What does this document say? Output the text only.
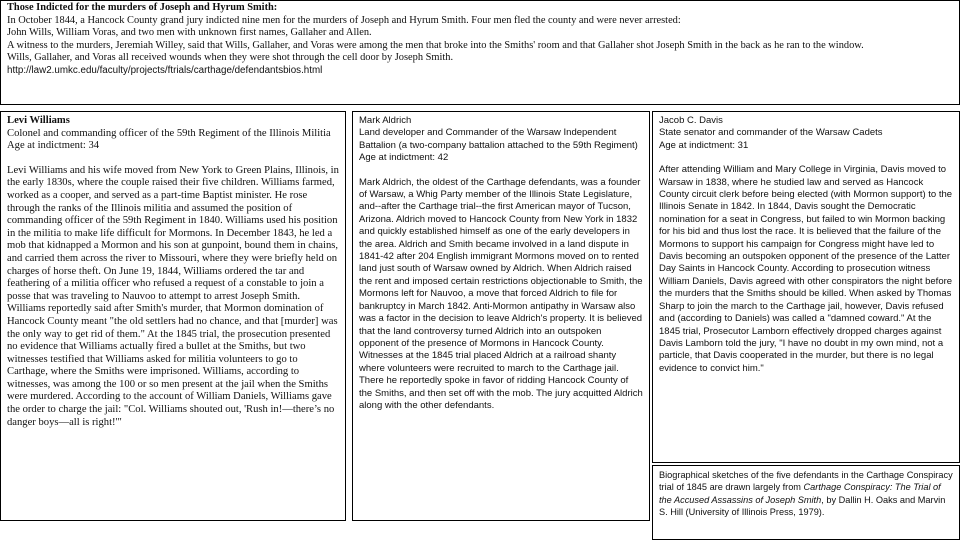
Those Indicted for the murders of Joseph and Hyrum Smith:
In October 1844, a Hancock County grand jury indicted nine men for the murders of Joseph and Hyrum Smith. Four men fled the county and were never arrested:
John Wills, William Voras, and two men with unknown first names, Gallaher and Allen.
A witness to the murders, Jeremiah Willey, said that Wills, Gallaher, and Voras were among the men that broke into the Smiths' room and that Gallaher shot Joseph Smith in the back as he ran to the window.
Wills, Gallaher, and Voras all received wounds when they were shot through the cell door by Joseph Smith.
http://law2.umkc.edu/faculty/projects/ftrials/carthage/defendantsbios.html

Levi Williams

Colonel and commanding officer of the 59th Regiment of the Illinois Militia

Age at indictment: 34

Levi Williams and his wife moved from New York to Green Plains, Illinois, in the early 1830s, where the couple raised their five children. Williams farmed, worked as a cooper, and served as a part-time Baptist minister. He rose through the ranks of the Illinois militia and assumed the position of commanding officer of the 59th Regiment in 1840. Williams used his position in the militia to make life difficult for Mormons. In December 1843, he led a mob that kidnapped a Mormon and his son at gunpoint, bound them in chains, and carried them across the river to Missouri, where they were briefly held on charges of horse theft. On June 19, 1844, Williams ordered the tar and feathering of a militia officer who refused a request of a constable to join a posse that was traveling to Nauvoo to attempt to arrest Joseph Smith. Williams reportedly said after Smith's murder, that Mormon domination of Hancock County meant "the old settlers had no chance, and that [murder] was the only way to get rid of them." At the 1845 trial, the prosecution presented no evidence that Williams actually fired a bullet at the Smiths, but two witnesses testified that Williams asked for militia volunteers to go to Carthage, where the Smiths were imprisoned. Williams, according to witnesses, was among the 100 or so men present at the jail when the Smiths were murdered. According to the account of William Daniels, Williams gave the order to charge the jail: "Col. Williams shouted out, 'Rush in!—there’s no danger boys—all is right!'"

Mark Aldrich

Land developer and Commander of the Warsaw Independent Battalion (a two-company battalion attached to the 59th Regiment)

Age at indictment: 42

Mark Aldrich, the oldest of the Carthage defendants, was a founder of Warsaw, a Whig Party member of the Illinois State Legislature, and--after the Carthage trial--the first American mayor of Tucson, Arizona. Aldrich moved to Hancock County from New York in 1832 and quickly established himself as one of the early developers in the area. Aldrich and Smith became involved in a land dispute in 1841-42 after 204 English immigrant Mormons moved on to rented land just south of Warsaw owned by Aldrich. When Aldrich raised the rent and imposed certain restrictions objectionable to Smith, the Mormons left for Nauvoo, a move that forced Aldrich to file for bankruptcy in March 1842. Anti-Mormon antipathy in Warsaw also was a factor in the decision to leave Aldrich's property. It is believed that the land controversy turned Aldrich into an outspoken opponent of the presence of Mormons in Hancock County. Witnesses at the 1845 trial placed Aldrich at a railroad shanty where volunteers were recruited to march to the Carthage jail. There he reportedly spoke in favor of ridding Hancock County of the Smiths, and then set off with the mob. The jury acquitted Aldrich along with the other defendants.

Jacob C. Davis

State senator and commander of the Warsaw Cadets

Age at indictment: 31

After attending William and Mary College in Virginia, Davis moved to Warsaw in 1838, where he studied law and served as Hancock County circuit clerk before being elected (with Mormon support) to the Illinois Senate in 1842. In 1844, Davis sought the Democratic nomination for a seat in Congress, but failed to win Mormon backing for his bid and thus lost the race. It is believed that the failure of the Mormons to support his campaign for Congress might have led to Davis becoming an outspoken opponent of the presence of the Latter Day Saints in Hancock County. According to prosecution witness William Daniels, Davis agreed with other conspirators the night before the murders that the Smiths should be killed. When asked by Thomas Sharp to join the march to the Carthage jail, however, Davis refused and (according to Daniels) was called a "damned coward." At the 1845 trial, Prosecutor Lamborn effectively dropped charges against Davis Lamborn told the jury, "I have no doubt in my own mind, not a particle, that Davis cooperated in the murder, but there is no legal evidence to convict him."

Biographical sketches of the five defendants in the Carthage Conspiracy trial of 1845 are drawn largely from Carthage Conspiracy: The Trial of the Accused Assassins of Joseph Smith, by Dallin H. Oaks and Marvin S. Hill (University of Illinois Press, 1979).
